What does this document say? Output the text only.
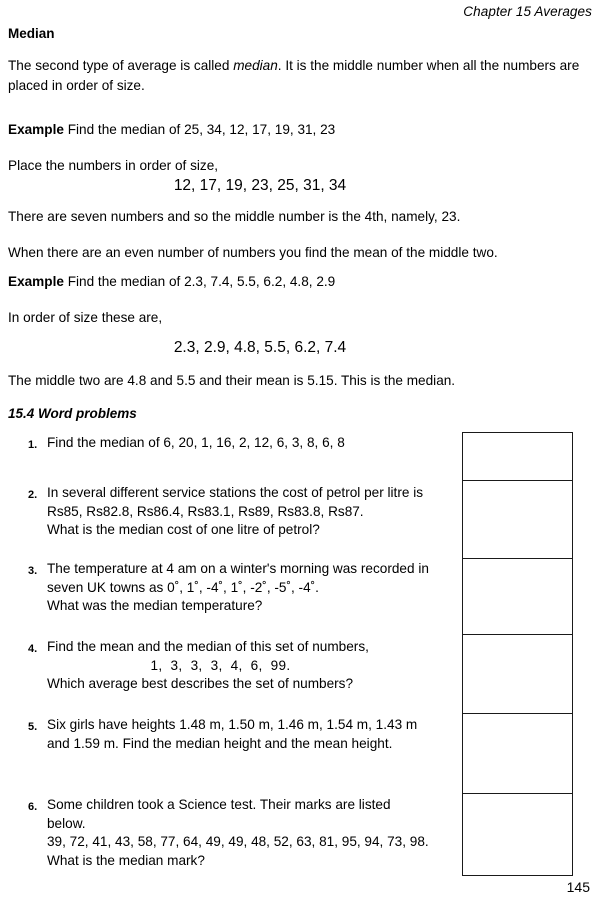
Chapter 15 Averages
Median
The second type of average is called median. It is the middle number when all the numbers are placed in order of size.
Example Find the median of 25, 34, 12, 17, 19, 31, 23
Place the numbers in order of size,
12, 17, 19, 23, 25, 31, 34
There are seven numbers and so the middle number is the 4th, namely, 23.
When there are an even number of numbers you find the mean of the middle two.
Example Find the median of 2.3, 7.4, 5.5, 6.2, 4.8, 2.9
In order of size these are,
2.3, 2.9, 4.8, 5.5, 6.2, 7.4
The middle two are 4.8 and 5.5 and their mean is 5.15. This is the median.
15.4 Word problems
1. Find the median of 6, 20, 1, 16, 2, 12, 6, 3, 8, 6, 8
2. In several different service stations the cost of petrol per litre is
Rs85, Rs82.8, Rs86.4, Rs83.1, Rs89, Rs83.8, Rs87.
What is the median cost of one litre of petrol?
3. The temperature at 4 am on a winter's morning was recorded in
seven UK towns as 0˚, 1˚, -4˚, 1˚, -2˚, -5˚, -4˚.
What was the median temperature?
4. Find the mean and the median of this set of numbers,
1, 3, 3, 3, 4, 6, 99.
Which average best describes the set of numbers?
5. Six girls have heights 1.48 m, 1.50 m, 1.46 m, 1.54 m, 1.43 m
and 1.59 m. Find the median height and the mean height.
6. Some children took a Science test. Their marks are listed
below.
39, 72, 41, 43, 58, 77, 64, 49, 49, 48, 52, 63, 81, 95, 94, 73, 98.
What is the median mark?
145
